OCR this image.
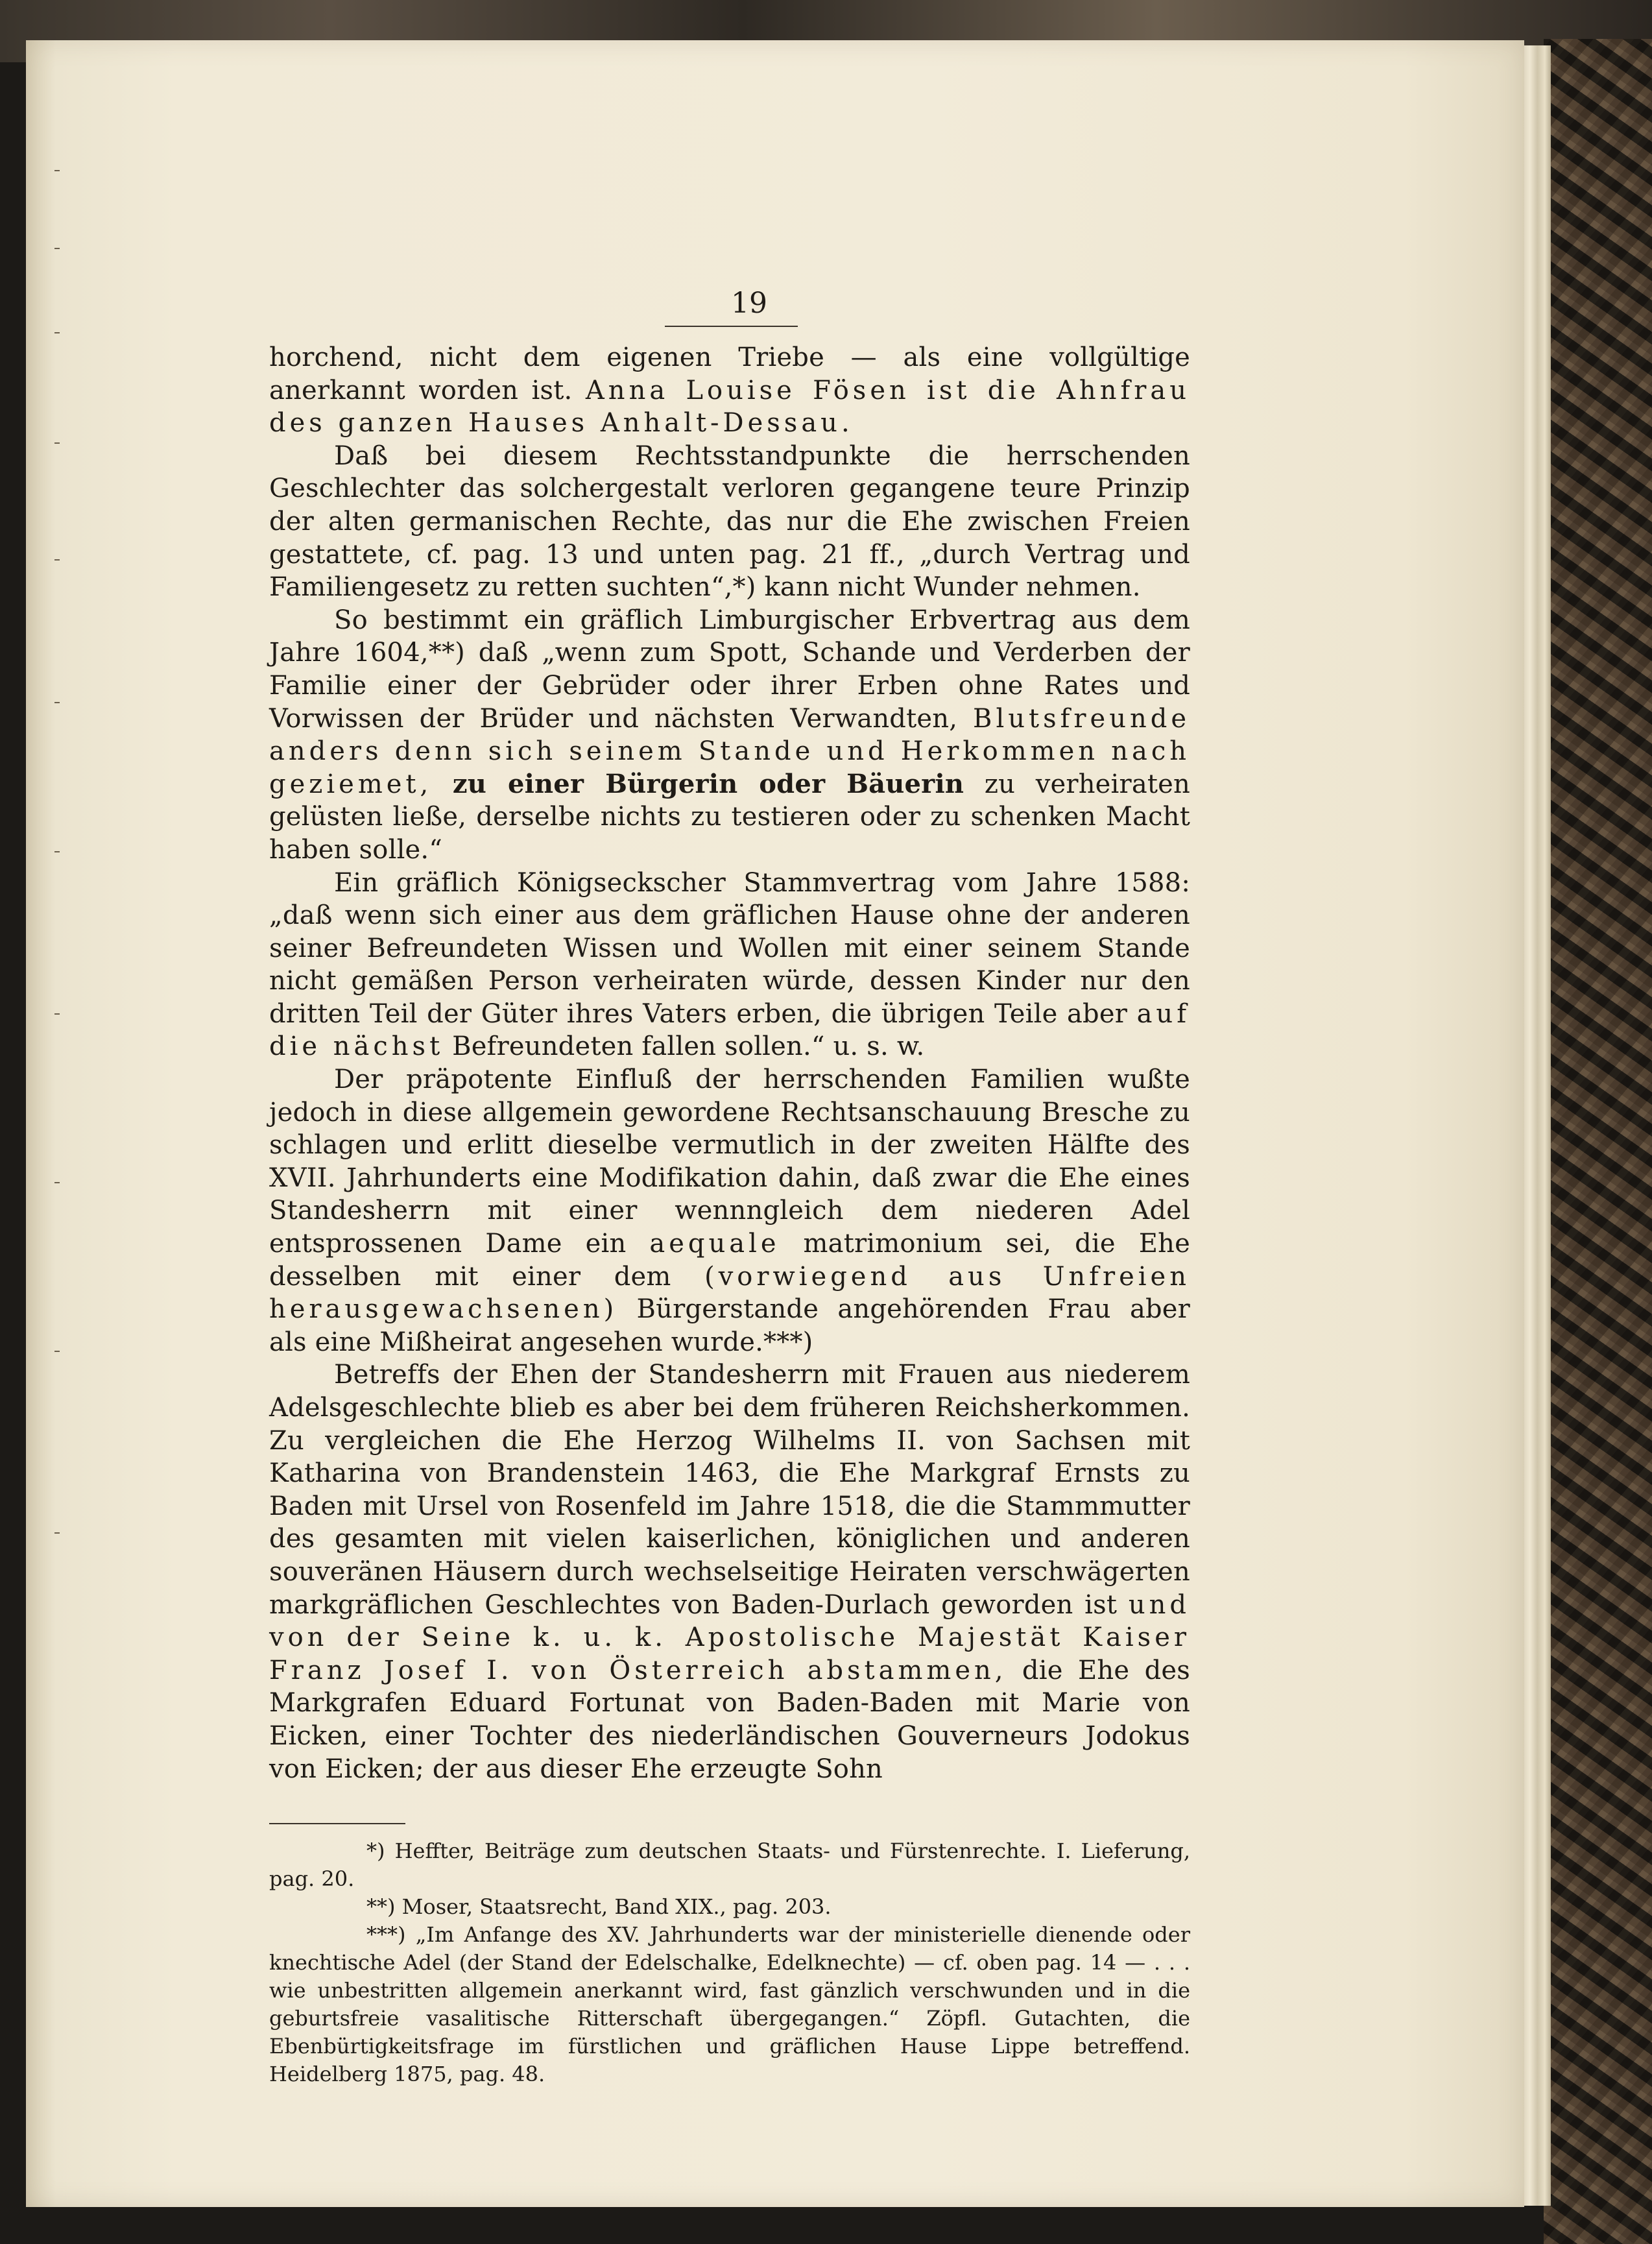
19

horchend, nicht dem eigenen Triebe — als eine vollgültige anerkannt worden ist. Anna Louise Fösen ist die Ahnfrau des ganzen Hauses Anhalt-Dessau.

Daß bei diesem Rechtsstandpunkte die herrschenden Geschlechter das solchergestalt verloren gegangene teure Prinzip der alten germanischen Rechte, das nur die Ehe zwischen Freien gestattete, cf. pag. 13 und unten pag. 21 ff., „durch Vertrag und Familiengesetz zu retten suchten“,*) kann nicht Wunder nehmen.

So bestimmt ein gräflich Limburgischer Erbvertrag aus dem Jahre 1604,**) daß „wenn zum Spott, Schande und Verderben der Familie einer der Gebrüder oder ihrer Erben ohne Rates und Vorwissen der Brüder und nächsten Verwandten, Blutsfreunde anders denn sich seinem Stande und Herkommen nach geziemet, zu einer Bürgerin oder Bäuerin zu verheiraten gelüsten ließe, derselbe nichts zu testieren oder zu schenken Macht haben solle.“

Ein gräflich Königseckscher Stammvertrag vom Jahre 1588: „daß wenn sich einer aus dem gräflichen Hause ohne der anderen seiner Befreundeten Wissen und Wollen mit einer seinem Stande nicht gemäßen Person verheiraten würde, dessen Kinder nur den dritten Teil der Güter ihres Vaters erben, die übrigen Teile aber auf die nächst Befreundeten fallen sollen.“ u. s. w.

Der präpotente Einfluß der herrschenden Familien wußte jedoch in diese allgemein gewordene Rechtsanschauung Bresche zu schlagen und erlitt dieselbe vermutlich in der zweiten Hälfte des XVII. Jahrhunderts eine Modifikation dahin, daß zwar die Ehe eines Standesherrn mit einer wennngleich dem niederen Adel entsprossenen Dame ein aequale matrimonium sei, die Ehe desselben mit einer dem (vorwiegend aus Unfreien herausgewachsenen) Bürgerstande angehörenden Frau aber als eine Mißheirat angesehen wurde.***)

Betreffs der Ehen der Standesherrn mit Frauen aus niederem Adelsgeschlechte blieb es aber bei dem früheren Reichsherkommen. Zu vergleichen die Ehe Herzog Wilhelms II. von Sachsen mit Katharina von Brandenstein 1463, die Ehe Markgraf Ernsts zu Baden mit Ursel von Rosenfeld im Jahre 1518, die die Stammmutter des gesamten mit vielen kaiserlichen, königlichen und anderen souveränen Häusern durch wechselseitige Heiraten verschwägerten markgräflichen Geschlechtes von Baden-Durlach geworden ist und von der Seine k. u. k. Apostolische Majestät Kaiser Franz Josef I. von Österreich abstammen, die Ehe des Markgrafen Eduard Fortunat von Baden-Baden mit Marie von Eicken, einer Tochter des niederländischen Gouverneurs Jodokus von Eicken; der aus dieser Ehe erzeugte Sohn

*) Heffter, Beiträge zum deutschen Staats- und Fürstenrechte. I. Lieferung, pag. 20.

**) Moser, Staatsrecht, Band XIX., pag. 203.

***) „Im Anfange des XV. Jahrhunderts war der ministerielle dienende oder knechtische Adel (der Stand der Edelschalke, Edelknechte) — cf. oben pag. 14 — . . . wie unbestritten allgemein anerkannt wird, fast gänzlich verschwunden und in die geburtsfreie vasalitische Ritterschaft übergegangen.“ Zöpfl. Gutachten, die Ebenbürtigkeitsfrage im fürstlichen und gräflichen Hause Lippe betreffend. Heidelberg 1875, pag. 48.
